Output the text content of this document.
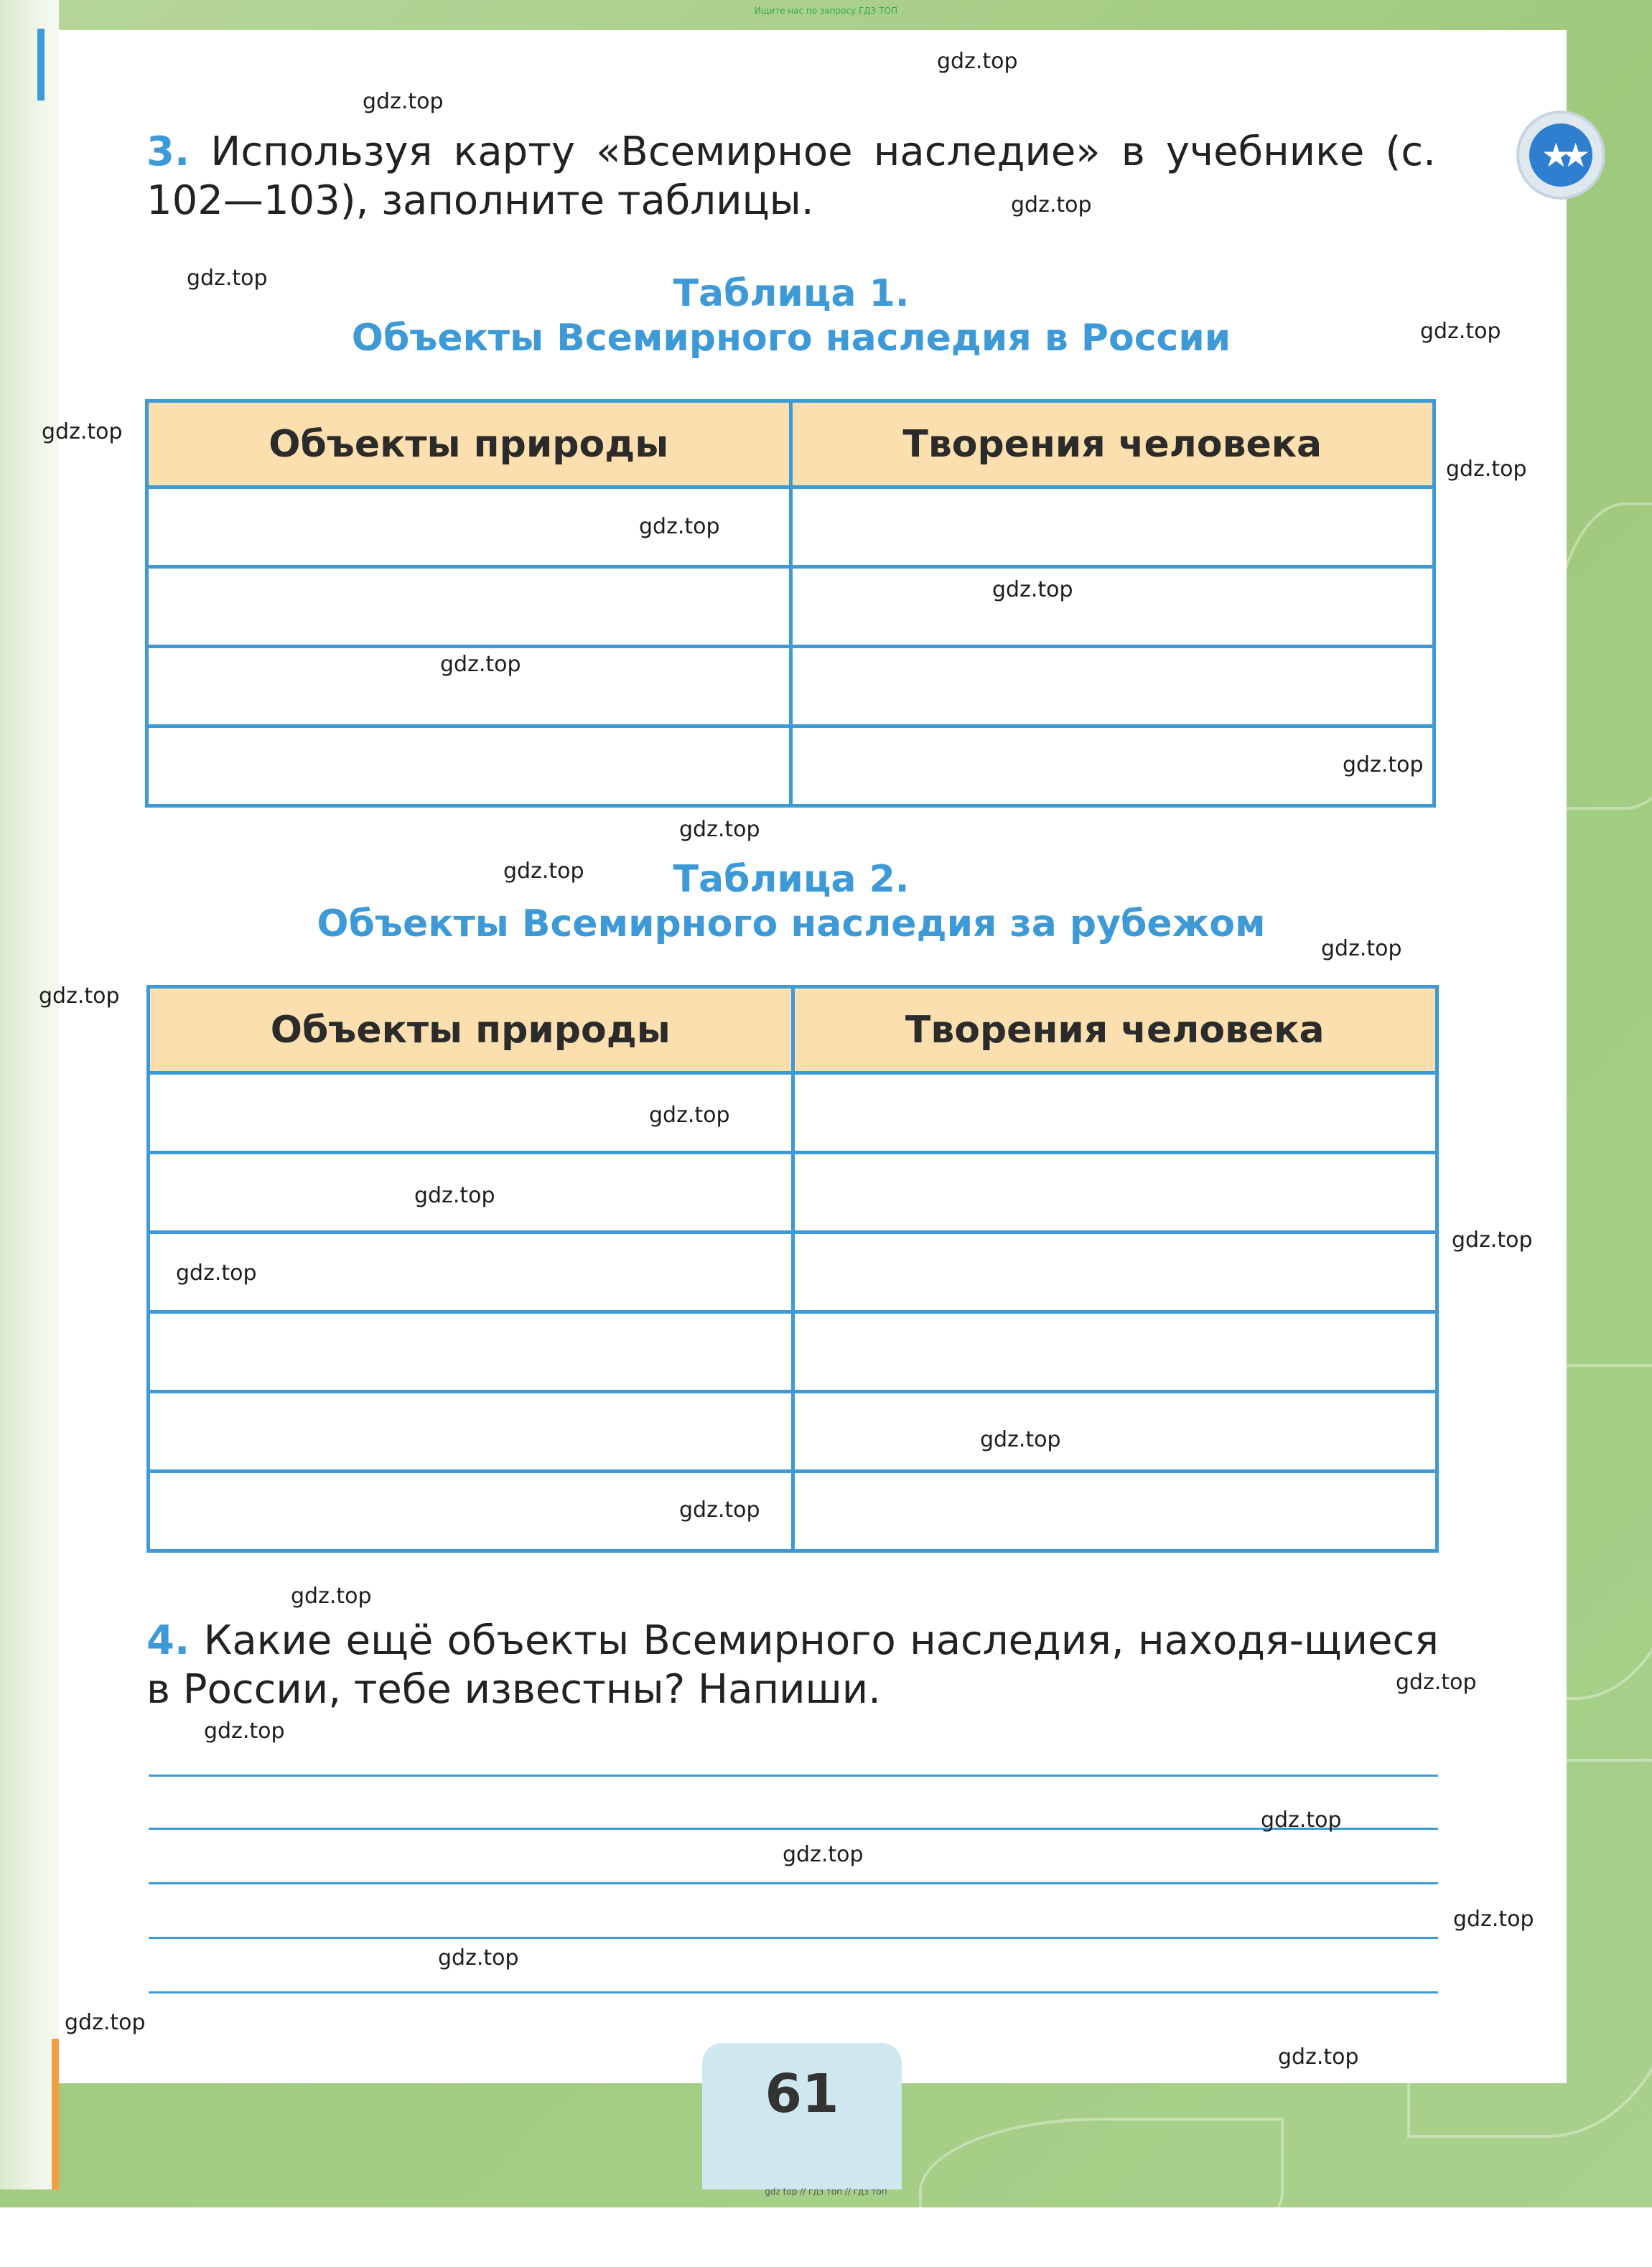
Ищите нас по запросу ГДЗ ТОП
★★
3. Используя карту «Всемирное наследие» в учебнике (с. 102—103), заполните таблицы.
Таблица 1.
Объекты Всемирного наследия в России
Объекты природы	Творения человека

Таблица 2.
Объекты Всемирного наследия за рубежом
Объекты природы	Творения человека

4. Какие ещё объекты Всемирного наследия, находя-щиеся в России, тебе известны? Напиши.
61
gdz.top
gdz.top
gdz.top
gdz.top
gdz.top
gdz.top
gdz.top
gdz.top
gdz.top
gdz.top
gdz.top
gdz.top
gdz.top
gdz.top
gdz.top
gdz.top
gdz.top
gdz.top
gdz.top
gdz.top
gdz.top
gdz.top
gdz.top
gdz.top
gdz.top
gdz.top
gdz.top
gdz.top
gdz.top
gdz.top
gdz top // гдз топ // гдз топ
